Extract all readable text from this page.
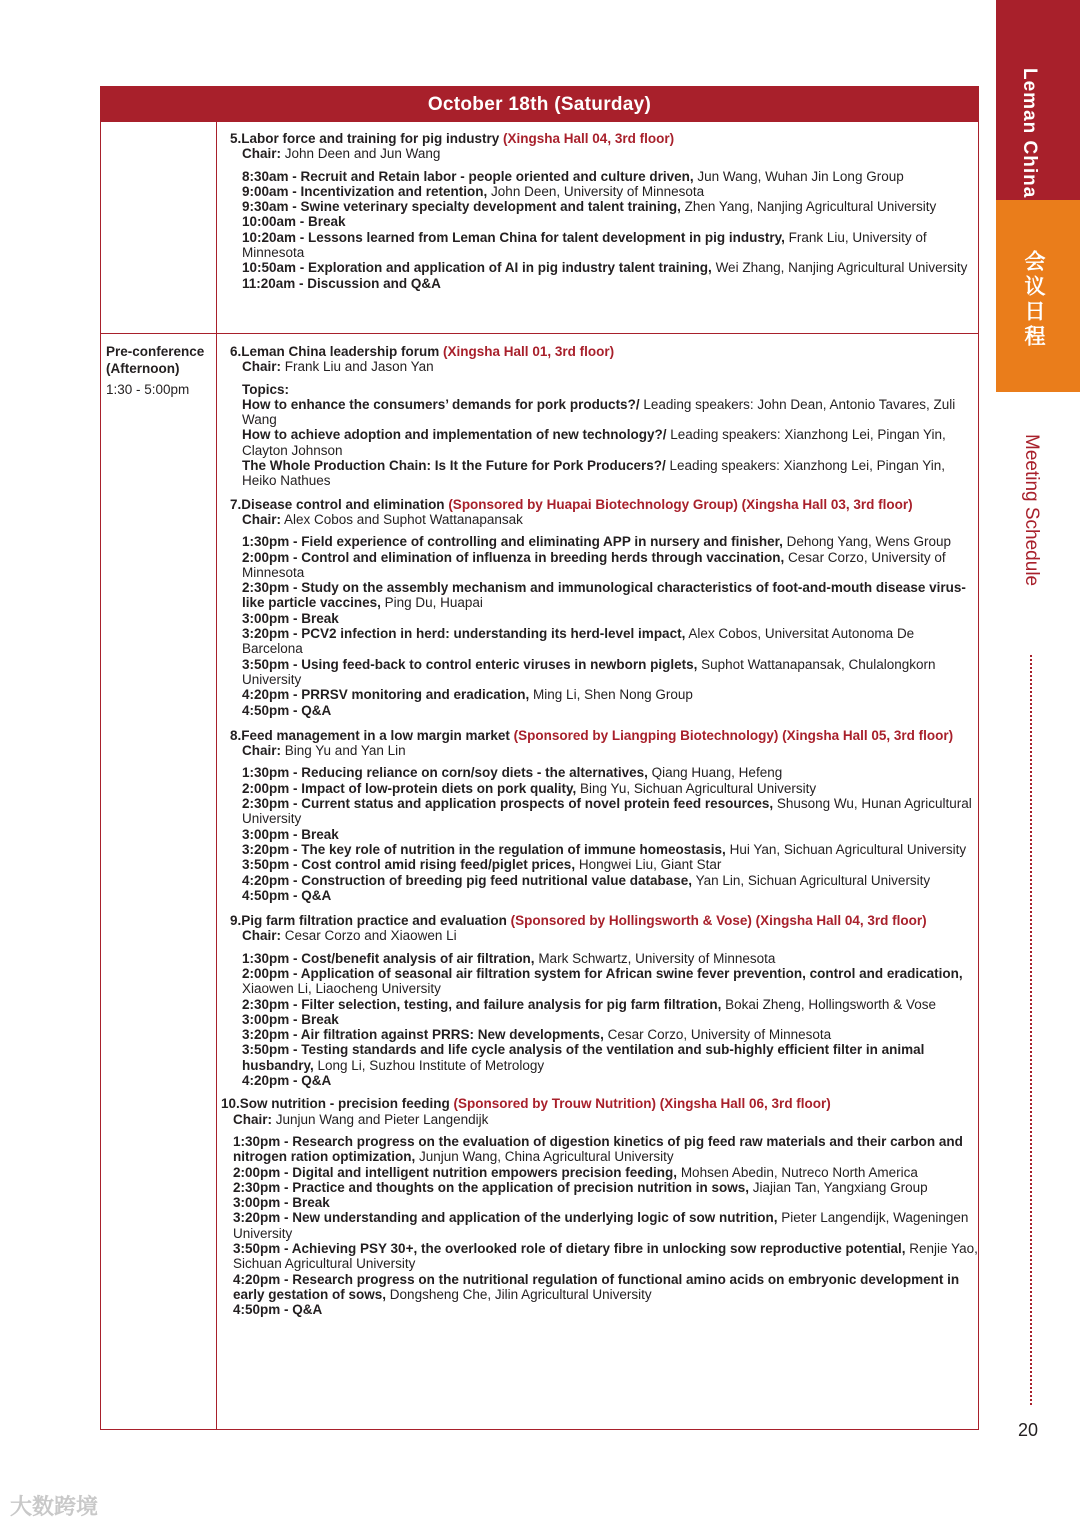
Leman China
会议日程
Meeting Schedule
20
大数跨境
October 18th (Saturday)
5.Labor force and training for pig industry (Xingsha Hall 04, 3rd floor)
Chair: John Deen and Jun Wang
8:30am - Recruit and Retain labor - people oriented and culture driven, Jun Wang, Wuhan Jin Long Group
9:00am - Incentivization and retention, John Deen, University of Minnesota
9:30am - Swine veterinary specialty development and talent training, Zhen Yang, Nanjing Agricultural University
10:00am - Break
10:20am - Lessons learned from Leman China for talent development in pig industry, Frank Liu, University of Minnesota
10:50am - Exploration and application of AI in pig industry talent training, Wei Zhang, Nanjing Agricultural University
11:20am - Discussion and Q&A
Pre-conference
(Afternoon)
1:30 - 5:00pm
6.Leman China leadership forum (Xingsha Hall 01, 3rd floor)
Chair: Frank Liu and Jason Yan
Topics:
How to enhance the consumers’ demands for pork products?/ Leading speakers: John Dean, Antonio Tavares, Zuli Wang
How to achieve adoption and implementation of new technology?/ Leading speakers: Xianzhong Lei, Pingan Yin, Clayton Johnson
The Whole Production Chain: Is It the Future for Pork Producers?/ Leading speakers: Xianzhong Lei, Pingan Yin, Heiko Nathues
7.Disease control and elimination (Sponsored by Huapai Biotechnology Group) (Xingsha Hall 03, 3rd floor)
Chair: Alex Cobos and Suphot Wattanapansak
1:30pm - Field experience of controlling and eliminating APP in nursery and finisher, Dehong Yang, Wens Group
2:00pm - Control and elimination of influenza in breeding herds through vaccination, Cesar Corzo, University of Minnesota
2:30pm - Study on the assembly mechanism and immunological characteristics of foot-and-mouth disease virus-like particle vaccines, Ping Du, Huapai
3:00pm - Break
3:20pm - PCV2 infection in herd: understanding its herd-level impact, Alex Cobos, Universitat Autonoma De Barcelona
3:50pm - Using feed-back to control enteric viruses in newborn piglets, Suphot Wattanapansak, Chulalongkorn University
4:20pm - PRRSV monitoring and eradication, Ming Li, Shen Nong Group
4:50pm - Q&A
8.Feed management in a low margin market (Sponsored by Liangping Biotechnology) (Xingsha Hall 05, 3rd floor)
Chair: Bing Yu and Yan Lin
1:30pm - Reducing reliance on corn/soy diets - the alternatives, Qiang Huang, Hefeng
2:00pm - Impact of low-protein diets on pork quality, Bing Yu, Sichuan Agricultural University
2:30pm - Current status and application prospects of novel protein feed resources, Shusong Wu, Hunan Agricultural University
3:00pm - Break
3:20pm - The key role of nutrition in the regulation of immune homeostasis, Hui Yan, Sichuan Agricultural University
3:50pm - Cost control amid rising feed/piglet prices, Hongwei Liu, Giant Star
4:20pm - Construction of breeding pig feed nutritional value database, Yan Lin, Sichuan Agricultural University
4:50pm - Q&A
9.Pig farm filtration practice and evaluation (Sponsored by Hollingsworth & Vose) (Xingsha Hall 04, 3rd floor)
Chair: Cesar Corzo and Xiaowen Li
1:30pm - Cost/benefit analysis of air filtration, Mark Schwartz, University of Minnesota
2:00pm - Application of seasonal air filtration system for African swine fever prevention, control and eradication, Xiaowen Li, Liaocheng University
2:30pm - Filter selection, testing, and failure analysis for pig farm filtration, Bokai Zheng, Hollingsworth & Vose
3:00pm - Break
3:20pm - Air filtration against PRRS: New developments, Cesar Corzo, University of Minnesota
3:50pm - Testing standards and life cycle analysis of the ventilation and sub-highly efficient filter in animal husbandry, Long Li, Suzhou Institute of Metrology
4:20pm - Q&A
10.Sow nutrition - precision feeding (Sponsored by Trouw Nutrition) (Xingsha Hall 06, 3rd floor)
Chair: Junjun Wang and Pieter Langendijk
1:30pm - Research progress on the evaluation of digestion kinetics of pig feed raw materials and their carbon and nitrogen ration optimization, Junjun Wang, China Agricultural University
2:00pm - Digital and intelligent nutrition empowers precision feeding, Mohsen Abedin, Nutreco North America
2:30pm - Practice and thoughts on the application of precision nutrition in sows, Jiajian Tan, Yangxiang Group
3:00pm - Break
3:20pm - New understanding and application of the underlying logic of sow nutrition, Pieter Langendijk, Wageningen University
3:50pm - Achieving PSY 30+, the overlooked role of dietary fibre in unlocking sow reproductive potential, Renjie Yao, Sichuan Agricultural University
4:20pm - Research progress on the nutritional regulation of functional amino acids on embryonic development in early gestation of sows, Dongsheng Che, Jilin Agricultural University
4:50pm - Q&A
